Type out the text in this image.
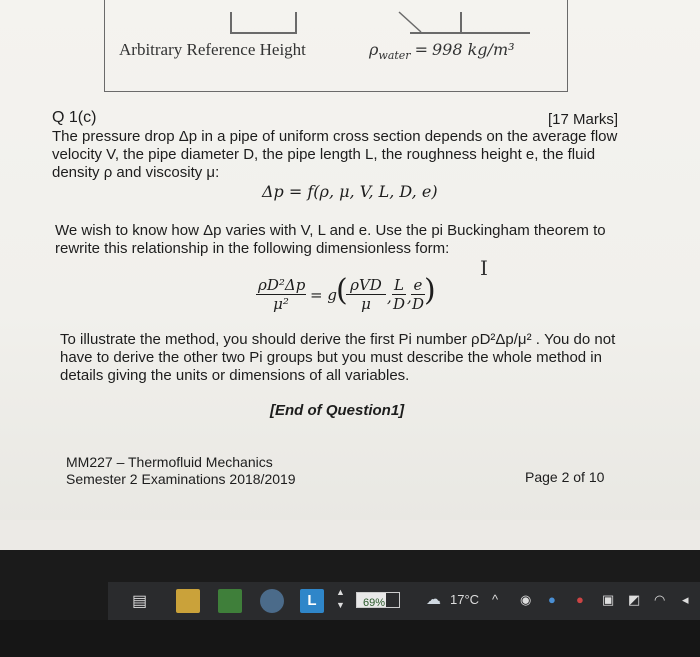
Arbitrary Reference Height	$\rho_{water} = 998$ kg/m³
Q 1(c)	[17 Marks]
The pressure drop Δp in a pipe of uniform cross section depends on the average flow velocity V, the pipe diameter D, the pipe length L, the roughness height e, the fluid density ρ and viscosity μ:
Δp = f(ρ, μ, V, L, D, e)
We wish to know how Δp varies with V, L and e. Use the pi Buckingham theorem to rewrite this relationship in the following dimensionless form:
I
$\frac{\text{ρD²Δp}}{\text{μ²}} = g$ ( ρVD
μ	, $\frac{L}{D}$ , $\frac{e}{D}$ )
To illustrate the method, you should derive the first Pi number ρD²Δp/μ² . You do not have to derive the other two Pi groups but you must describe the whole method in details giving the units or dimensions of all variables.
[End of Question1]
MM227 – Thermofluid Mechanics
Semester 2 Examinations 2018/2019	Page 2 of 10
▤	L	▲
▼	69%	☁ 17°C ^ ◉ ● ● ▣ ◩ ◠ ◂
